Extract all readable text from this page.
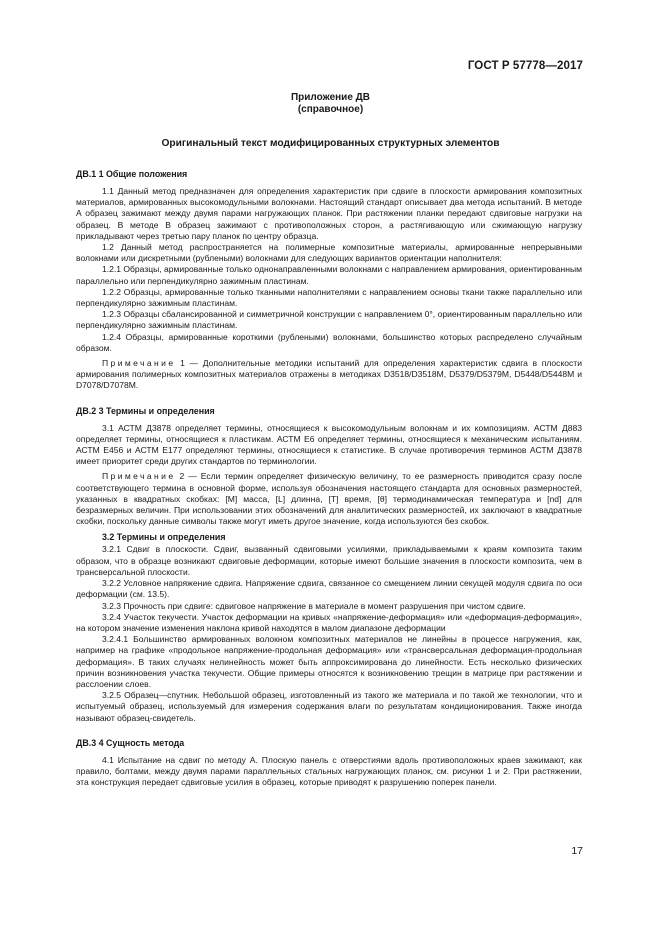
ГОСТ Р 57778—2017
Приложение ДВ
(справочное)
Оригинальный текст модифицированных структурных элементов
ДВ.1 1 Общие положения

1.1 Данный метод предназначен для определения характеристик при сдвиге в плоскости армирования композитных материалов, армированных высокомодульными волокнами. Настоящий стандарт описывает два метода испытаний. В методе А образец зажимают между двумя парами нагружающих планок. При растяжении планки передают сдвиговые нагрузки на образец. В методе В образец зажимают с противоположных сторон, а растягивающую или сжимающую нагрузку прикладывают через третью пару планок по центру образца.

1.2 Данный метод распространяется на полимерные композитные материалы, армированные непрерывными волокнами или дискретными (рублеными) волокнами для следующих вариантов ориентации наполнителя:

1.2.1 Образцы, армированные только однонаправленными волокнами с направлением армирования, ориентированным параллельно или перпендикулярно зажимным пластинам.

1.2.2 Образцы, армированные только тканными наполнителями с направлением основы ткани также параллельно или перпендикулярно зажимным пластинам.

1.2.3 Образцы сбалансированной и симметричной конструкции с направлением 0°, ориентированным параллельно или перпендикулярно зажимным пластинам.

1.2.4 Образцы, армированные короткими (рублеными) волокнами, большинство которых распределено случайным образом.

Примечание 1 — Дополнительные методики испытаний для определения характеристик сдвига в плоскости армирования полимерных композитных материалов отражены в методиках D3518/D3518M, D5379/D5379M, D5448/D5448M и D7078/D7078M.

ДВ.2 3 Термины и определения

3.1 АСТМ Д3878 определяет термины, относящиеся к высокомодульным волокнам и их композициям. АСТМ Д883 определяет термины, относящиеся к пластикам. АСТМ Е6 определяет термины, относящиеся к механическим испытаниям. АСТМ Е456 и АСТМ Е177 определяют термины, относящиеся к статистике. В случае противоречия терминов АСТМ Д3878 имеет приоритет среди других стандартов по терминологии.

Примечание 2 — Если термин определяет физическую величину, то ее размерность приводится сразу после соответствующего термина в основной форме, используя обозначения настоящего стандарта для основных размерностей, указанных в квадратных скобках: [M] масса, [L] длинна, [T] время, [θ] термодинамическая температура и [nd] для безразмерных величин. При использовании этих обозначений для аналитических размерностей, их заключают в квадратные скобки, поскольку данные символы также могут иметь другое значение, когда используются без скобок.

3.2 Термины и определения

3.2.1 Сдвиг в плоскости. Сдвиг, вызванный сдвиговыми усилиями, прикладываемыми к краям композита таким образом, что в образце возникают сдвиговые деформации, которые имеют большие значения в плоскости композита, чем в трансверсальной плоскости.

3.2.2 Условное напряжение сдвига. Напряжение сдвига, связанное со смещением линии секущей модуля сдвига по оси деформации (см. 13.5).

3.2.3 Прочность при сдвиге: сдвиговое напряжение в материале в момент разрушения при чистом сдвиге.

3.2.4 Участок текучести. Участок деформации на кривых «напряжение-деформация» или «деформация-деформация», на котором значение изменения наклона кривой находятся в малом диапазоне деформации

3.2.4.1 Большинство армированных волокном композитных материалов не линейны в процессе нагружения, как, например на графике «продольное напряжение-продольная деформация» или «трансверсальная деформация-продольная деформация». В таких случаях нелинейность может быть аппроксимирована до линейности. Есть несколько физических причин возникновения участка текучести. Общие примеры относятся к возникновению трещин в матрице при растяжении и расслоении слоев.

3.2.5 Образец—спутник. Небольшой образец, изготовленный из такого же материала и по такой же технологии, что и испытуемый образец, используемый для измерения содержания влаги по результатам кондиционирования. Также иногда называют образец-свидетель.

ДВ.3 4 Сущность метода

4.1 Испытание на сдвиг по методу А. Плоскую панель с отверстиями вдоль противоположных краев зажимают, как правило, болтами, между двумя парами параллельных стальных нагружающих планок, см. рисунки 1 и 2. При растяжении, эта конструкция передает сдвиговые усилия в образец, которые приводят к разрушению поперек панели.

17
